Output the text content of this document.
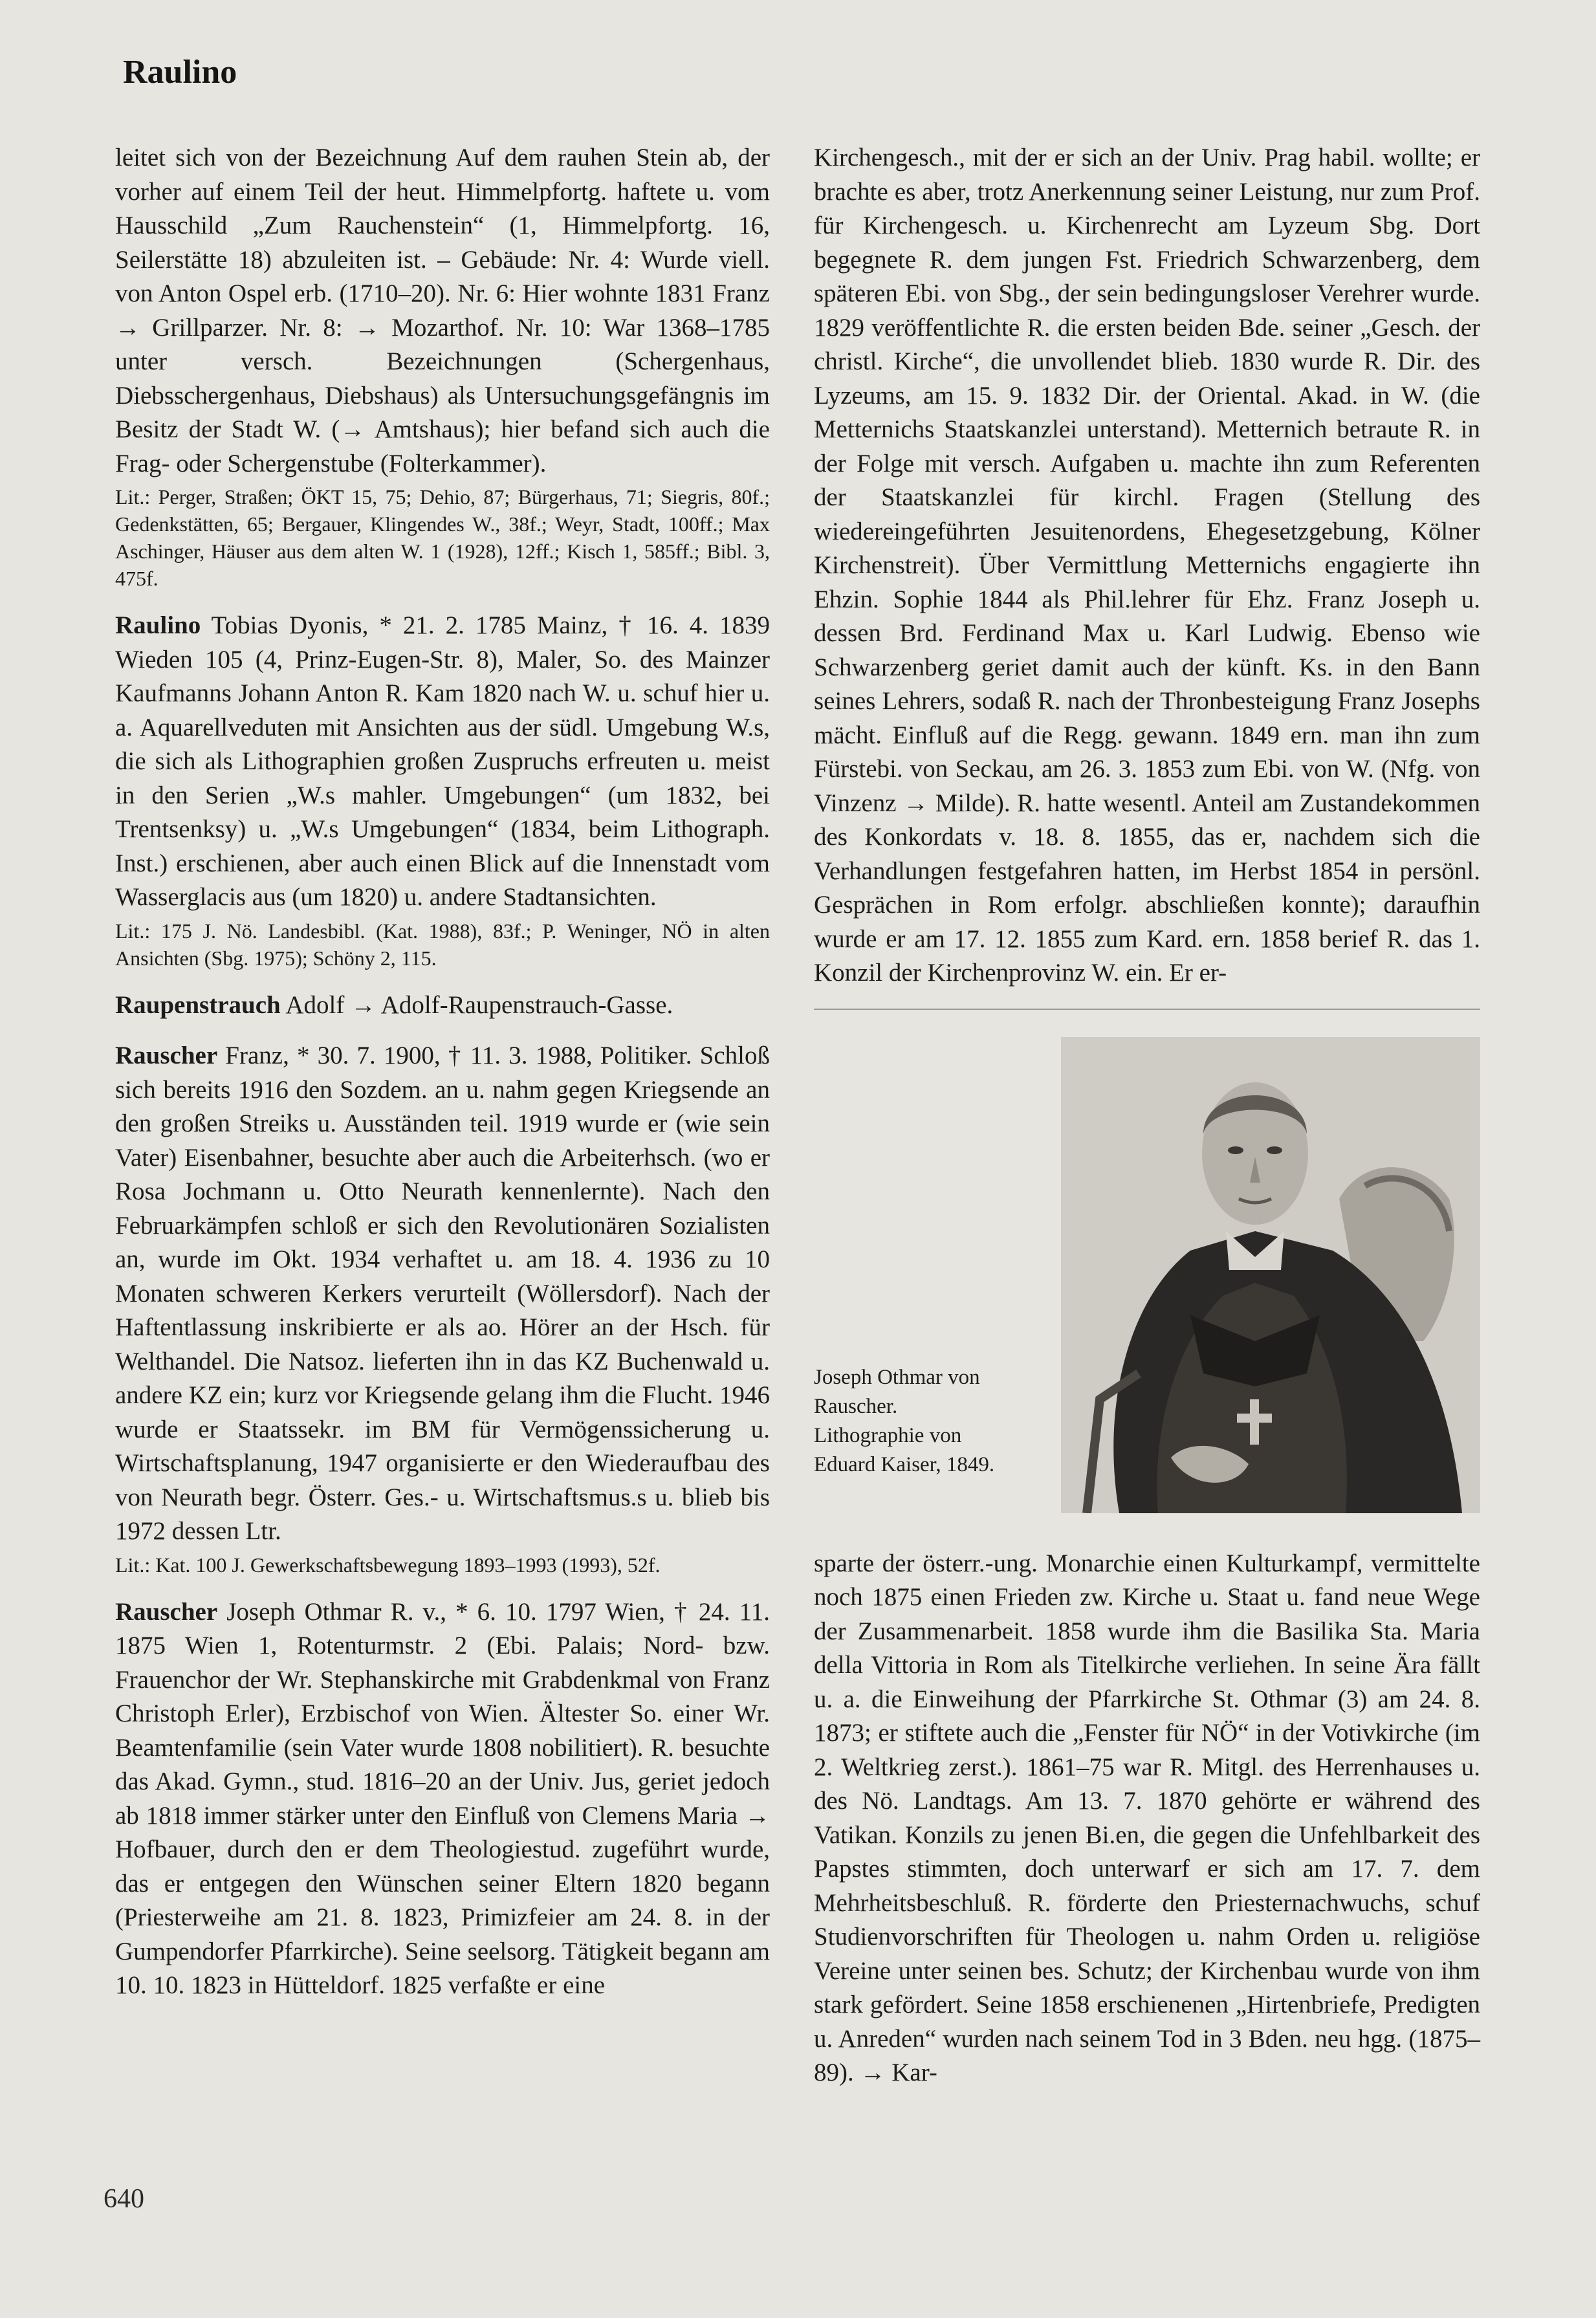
Raulino

leitet sich von der Bezeichnung Auf dem rauhen Stein ab, der vorher auf einem Teil der heut. Himmelpfortg. haftete u. vom Hausschild „Zum Rauchenstein“ (1, Himmelpfortg. 16, Seilerstätte 18) abzuleiten ist. – Gebäude: Nr. 4: Wurde viell. von Anton Ospel erb. (1710–20). Nr. 6: Hier wohnte 1831 Franz → Grillparzer. Nr. 8: → Mozarthof. Nr. 10: War 1368–1785 unter versch. Bezeichnungen (Schergenhaus, Diebsschergenhaus, Diebshaus) als Untersuchungsgefängnis im Besitz der Stadt W. (→ Amtshaus); hier befand sich auch die Frag- oder Schergenstube (Folterkammer).

Lit.: Perger, Straßen; ÖKT 15, 75; Dehio, 87; Bürgerhaus, 71; Siegris, 80f.; Gedenkstätten, 65; Bergauer, Klingendes W., 38f.; Weyr, Stadt, 100ff.; Max Aschinger, Häuser aus dem alten W. 1 (1928), 12ff.; Kisch 1, 585ff.; Bibl. 3, 475f.

Raulino Tobias Dyonis, * 21. 2. 1785 Mainz, † 16. 4. 1839 Wieden 105 (4, Prinz-Eugen-Str. 8), Maler, So. des Mainzer Kaufmanns Johann Anton R. Kam 1820 nach W. u. schuf hier u. a. Aquarellveduten mit Ansichten aus der südl. Umgebung W.s, die sich als Lithographien großen Zuspruchs erfreuten u. meist in den Serien „W.s mahler. Umgebungen“ (um 1832, bei Trentsenksy) u. „W.s Umgebungen“ (1834, beim Lithograph. Inst.) erschienen, aber auch einen Blick auf die Innenstadt vom Wasserglacis aus (um 1820) u. andere Stadtansichten.

Lit.: 175 J. Nö. Landesbibl. (Kat. 1988), 83f.; P. Weninger, NÖ in alten Ansichten (Sbg. 1975); Schöny 2, 115.

Raupenstrauch Adolf → Adolf-Raupenstrauch-Gasse.

Rauscher Franz, * 30. 7. 1900, † 11. 3. 1988, Politiker. Schloß sich bereits 1916 den Sozdem. an u. nahm gegen Kriegsende an den großen Streiks u. Ausständen teil. 1919 wurde er (wie sein Vater) Eisenbahner, besuchte aber auch die Arbeiterhsch. (wo er Rosa Jochmann u. Otto Neurath kennenlernte). Nach den Februarkämpfen schloß er sich den Revolutionären Sozialisten an, wurde im Okt. 1934 verhaftet u. am 18. 4. 1936 zu 10 Monaten schweren Kerkers verurteilt (Wöllersdorf). Nach der Haftentlassung inskribierte er als ao. Hörer an der Hsch. für Welthandel. Die Natsoz. lieferten ihn in das KZ Buchenwald u. andere KZ ein; kurz vor Kriegsende gelang ihm die Flucht. 1946 wurde er Staatssekr. im BM für Vermögenssicherung u. Wirtschaftsplanung, 1947 organisierte er den Wiederaufbau des von Neurath begr. Österr. Ges.- u. Wirtschaftsmus.s u. blieb bis 1972 dessen Ltr.

Lit.: Kat. 100 J. Gewerkschaftsbewegung 1893–1993 (1993), 52f.

Rauscher Joseph Othmar R. v., * 6. 10. 1797 Wien, † 24. 11. 1875 Wien 1, Rotenturmstr. 2 (Ebi. Palais; Nord- bzw. Frauenchor der Wr. Stephanskirche mit Grabdenkmal von Franz Christoph Erler), Erzbischof von Wien. Ältester So. einer Wr. Beamtenfamilie (sein Vater wurde 1808 nobilitiert). R. besuchte das Akad. Gymn., stud. 1816–20 an der Univ. Jus, geriet jedoch ab 1818 immer stärker unter den Einfluß von Clemens Maria → Hofbauer, durch den er dem Theologiestud. zugeführt wurde, das er entgegen den Wünschen seiner Eltern 1820 begann (Priesterweihe am 21. 8. 1823, Primizfeier am 24. 8. in der Gumpendorfer Pfarrkirche). Seine seelsorg. Tätigkeit begann am 10. 10. 1823 in Hütteldorf. 1825 verfaßte er eine

Kirchengesch., mit der er sich an der Univ. Prag habil. wollte; er brachte es aber, trotz Anerkennung seiner Leistung, nur zum Prof. für Kirchengesch. u. Kirchenrecht am Lyzeum Sbg. Dort begegnete R. dem jungen Fst. Friedrich Schwarzenberg, dem späteren Ebi. von Sbg., der sein bedingungsloser Verehrer wurde. 1829 veröffentlichte R. die ersten beiden Bde. seiner „Gesch. der christl. Kirche“, die unvollendet blieb. 1830 wurde R. Dir. des Lyzeums, am 15. 9. 1832 Dir. der Oriental. Akad. in W. (die Metternichs Staatskanzlei unterstand). Metternich betraute R. in der Folge mit versch. Aufgaben u. machte ihn zum Referenten der Staatskanzlei für kirchl. Fragen (Stellung des wiedereingeführten Jesuitenordens, Ehegesetzgebung, Kölner Kirchenstreit). Über Vermittlung Metternichs engagierte ihn Ehzin. Sophie 1844 als Phil.lehrer für Ehz. Franz Joseph u. dessen Brd. Ferdinand Max u. Karl Ludwig. Ebenso wie Schwarzenberg geriet damit auch der künft. Ks. in den Bann seines Lehrers, sodaß R. nach der Thronbesteigung Franz Josephs mächt. Einfluß auf die Regg. gewann. 1849 ern. man ihn zum Fürstebi. von Seckau, am 26. 3. 1853 zum Ebi. von W. (Nfg. von Vinzenz → Milde). R. hatte wesentl. Anteil am Zustandekommen des Konkordats v. 18. 8. 1855, das er, nachdem sich die Verhandlungen festgefahren hatten, im Herbst 1854 in persönl. Gesprächen in Rom erfolgr. abschließen konnte); daraufhin wurde er am 17. 12. 1855 zum Kard. ern. 1858 berief R. das 1. Konzil der Kirchenprovinz W. ein. Er er-

Joseph Othmar von
Rauscher.
Lithographie von
Eduard Kaiser, 1849.

sparte der österr.-ung. Monarchie einen Kulturkampf, vermittelte noch 1875 einen Frieden zw. Kirche u. Staat u. fand neue Wege der Zusammenarbeit. 1858 wurde ihm die Basilika Sta. Maria della Vittoria in Rom als Titelkirche verliehen. In seine Ära fällt u. a. die Einweihung der Pfarrkirche St. Othmar (3) am 24. 8. 1873; er stiftete auch die „Fenster für NÖ“ in der Votivkirche (im 2. Weltkrieg zerst.). 1861–75 war R. Mitgl. des Herrenhauses u. des Nö. Landtags. Am 13. 7. 1870 gehörte er während des Vatikan. Konzils zu jenen Bi.en, die gegen die Unfehlbarkeit des Papstes stimmten, doch unterwarf er sich am 17. 7. dem Mehrheitsbeschluß. R. förderte den Priesternachwuchs, schuf Studienvorschriften für Theologen u. nahm Orden u. religiöse Vereine unter seinen bes. Schutz; der Kirchenbau wurde von ihm stark gefördert. Seine 1858 erschienenen „Hirtenbriefe, Predigten u. Anreden“ wurden nach seinem Tod in 3 Bden. neu hgg. (1875–89). → Kar-

640
